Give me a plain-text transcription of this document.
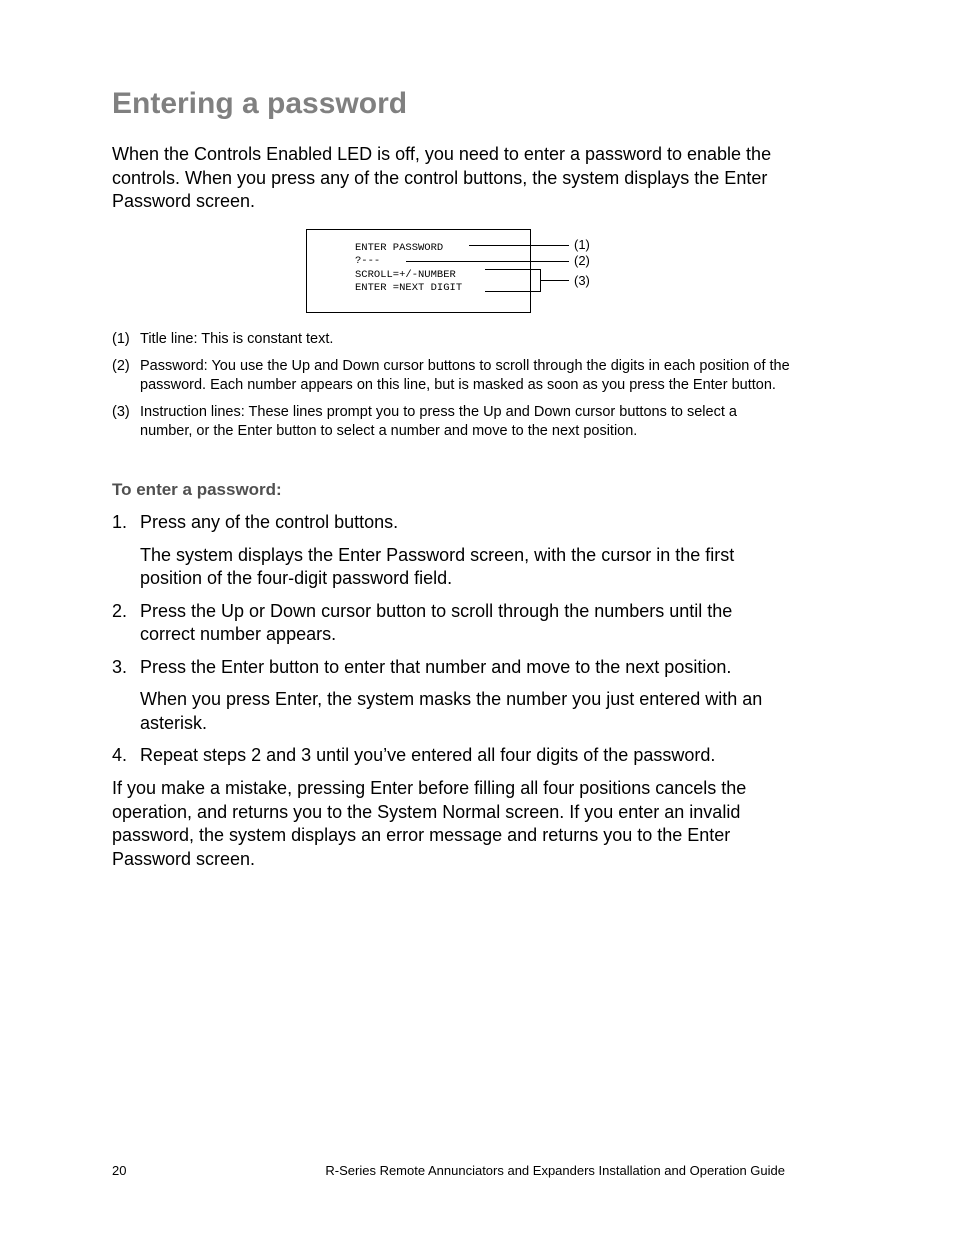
Entering a password

When the Controls Enabled LED is off, you need to enter a password to enable the controls. When you press any of the control buttons, the system displays the Enter Password screen.

ENTER PASSWORD
?---
SCROLL=+/-NUMBER
ENTER =NEXT DIGIT
(1)
(2)
(3)
(1) Title line: This is constant text.
(2) Password: You use the Up and Down cursor buttons to scroll through the digits in each position of the password. Each number appears on this line, but is masked as soon as you press the Enter button.
(3) Instruction lines: These lines prompt you to press the Up and Down cursor buttons to select a number, or the Enter button to select a number and move to the next position.
To enter a password:
1. Press any of the control buttons.
The system displays the Enter Password screen, with the cursor in the first position of the four-digit password field.
2. Press the Up or Down cursor button to scroll through the numbers until the correct number appears.
3. Press the Enter button to enter that number and move to the next position.
When you press Enter, the system masks the number you just entered with an asterisk.
4. Repeat steps 2 and 3 until you’ve entered all four digits of the password.

If you make a mistake, pressing Enter before filling all four positions cancels the operation, and returns you to the System Normal screen. If you enter an invalid password, the system displays an error message and returns you to the Enter Password screen.

20	R-Series Remote Annunciators and Expanders Installation and Operation Guide
